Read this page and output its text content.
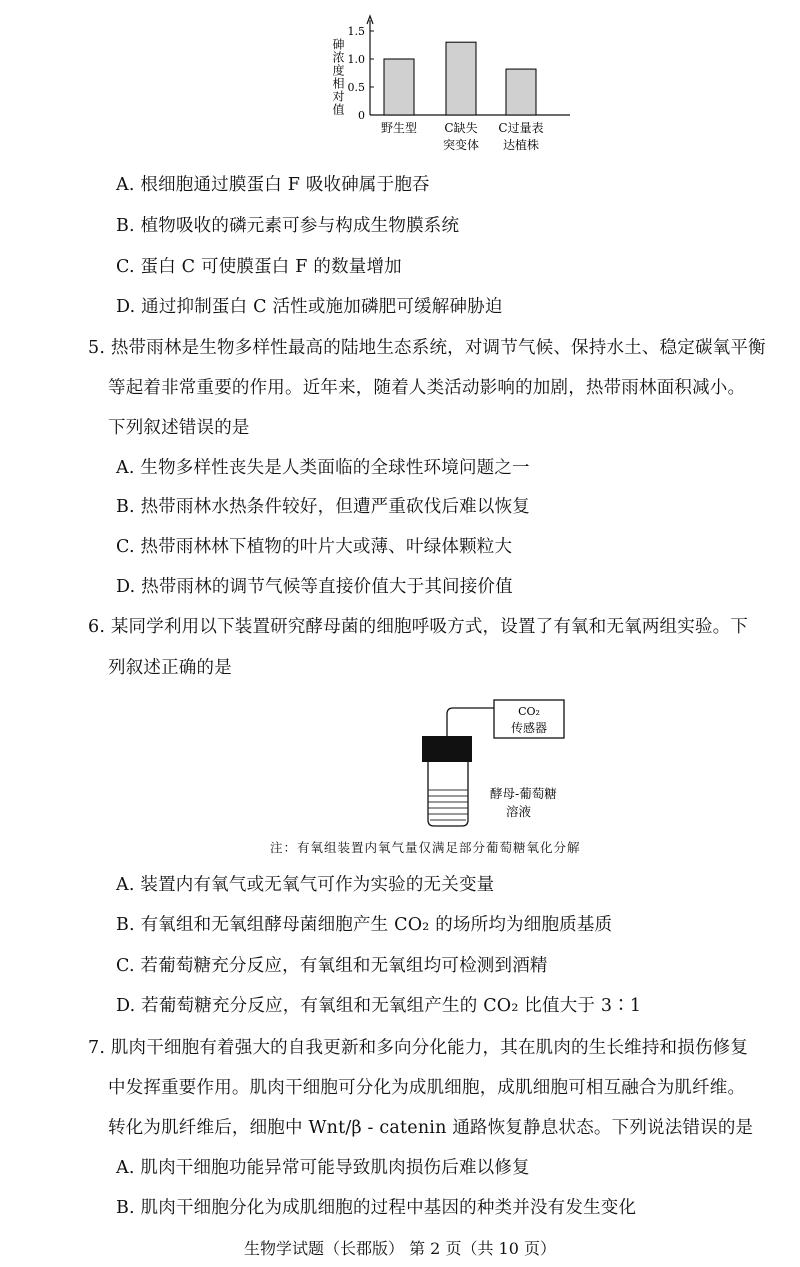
0
0.5
1.0
1.5
砷浓度相对值
野生型 C缺失
突变体
C过量表
达植株
A. 根细胞通过膜蛋白 F 吸收砷属于胞吞
B. 植物吸收的磷元素可参与构成生物膜系统
C. 蛋白 C 可使膜蛋白 F 的数量增加
D. 通过抑制蛋白 C 活性或施加磷肥可缓解砷胁迫
5. 热带雨林是生物多样性最高的陆地生态系统，对调节气候、保持水土、稳定碳氧平衡
等起着非常重要的作用。近年来，随着人类活动影响的加剧，热带雨林面积减小。
下列叙述错误的是
A. 生物多样性丧失是人类面临的全球性环境问题之一
B. 热带雨林水热条件较好，但遭严重砍伐后难以恢复
C. 热带雨林林下植物的叶片大或薄、叶绿体颗粒大
D. 热带雨林的调节气候等直接价值大于其间接价值
6. 某同学利用以下装置研究酵母菌的细胞呼吸方式，设置了有氧和无氧两组实验。下
列叙述正确的是
CO₂
传感器
酵母-葡萄糖
溶液
注：有氧组装置内氧气量仅满足部分葡萄糖氧化分解
A. 装置内有氧气或无氧气可作为实验的无关变量
B. 有氧组和无氧组酵母菌细胞产生 CO₂ 的场所均为细胞质基质
C. 若葡萄糖充分反应，有氧组和无氧组均可检测到酒精
D. 若葡萄糖充分反应，有氧组和无氧组产生的 CO₂ 比值大于 3∶1
7. 肌肉干细胞有着强大的自我更新和多向分化能力，其在肌肉的生长维持和损伤修复
中发挥重要作用。肌肉干细胞可分化为成肌细胞，成肌细胞可相互融合为肌纤维。
转化为肌纤维后，细胞中 Wnt/β - catenin 通路恢复静息状态。下列说法错误的是
A. 肌肉干细胞功能异常可能导致肌肉损伤后难以修复
B. 肌肉干细胞分化为成肌细胞的过程中基因的种类并没有发生变化
生物学试题（长郡版） 第 2 页（共 10 页）
